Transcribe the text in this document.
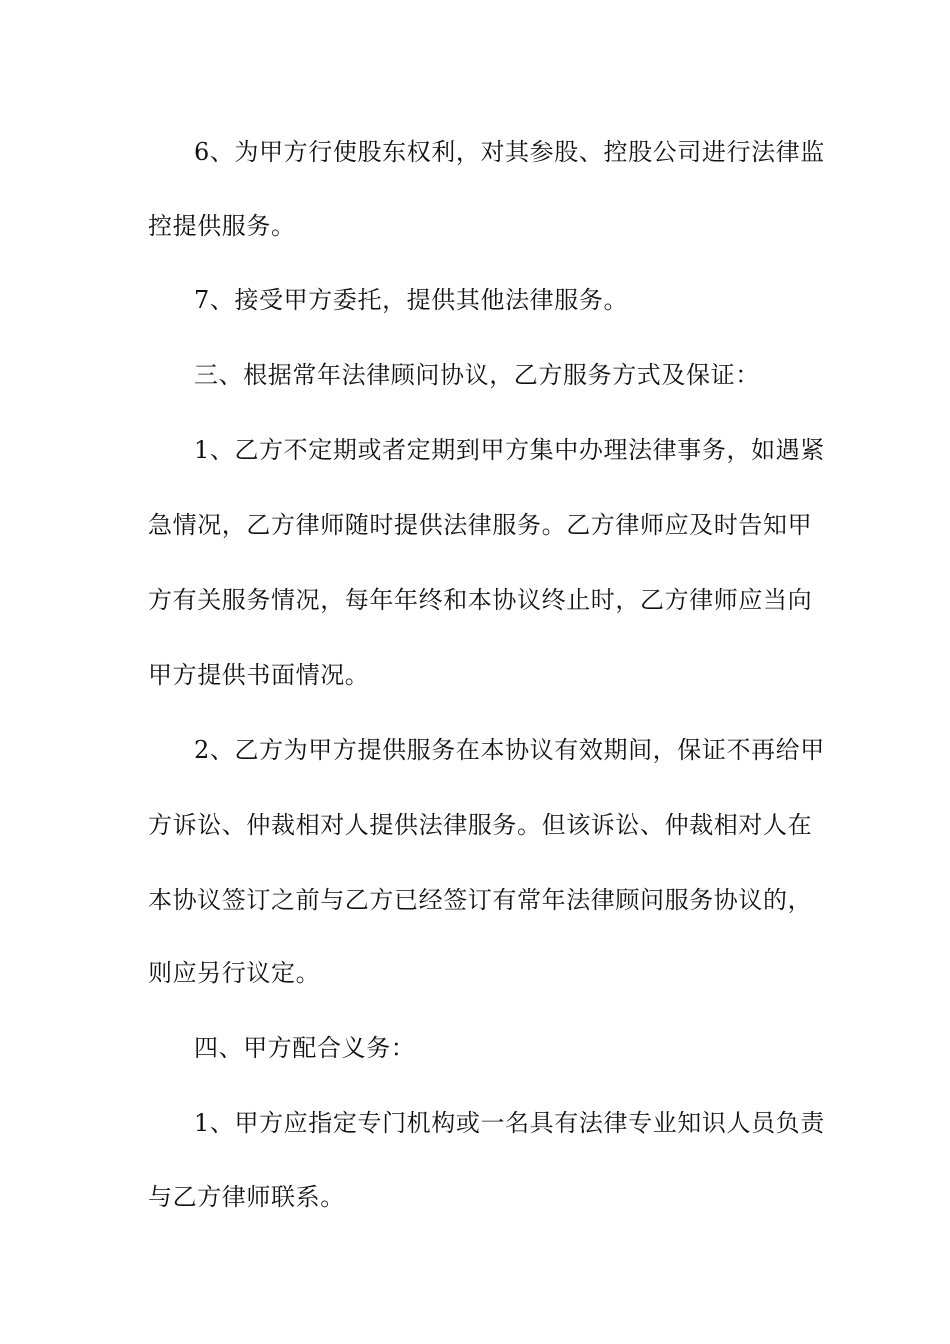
6、为甲方行使股东权利，对其参股、控股公司进行法律监
控提供服务。
7、接受甲方委托，提供其他法律服务。
三、根据常年法律顾问协议，乙方服务方式及保证：
1、乙方不定期或者定期到甲方集中办理法律事务，如遇紧
急情况，乙方律师随时提供法律服务。乙方律师应及时告知甲
方有关服务情况，每年年终和本协议终止时，乙方律师应当向
甲方提供书面情况。
2、乙方为甲方提供服务在本协议有效期间，保证不再给甲
方诉讼、仲裁相对人提供法律服务。但该诉讼、仲裁相对人在
本协议签订之前与乙方已经签订有常年法律顾问服务协议的，
则应另行议定。
四、甲方配合义务：
1、甲方应指定专门机构或一名具有法律专业知识人员负责
与乙方律师联系。
